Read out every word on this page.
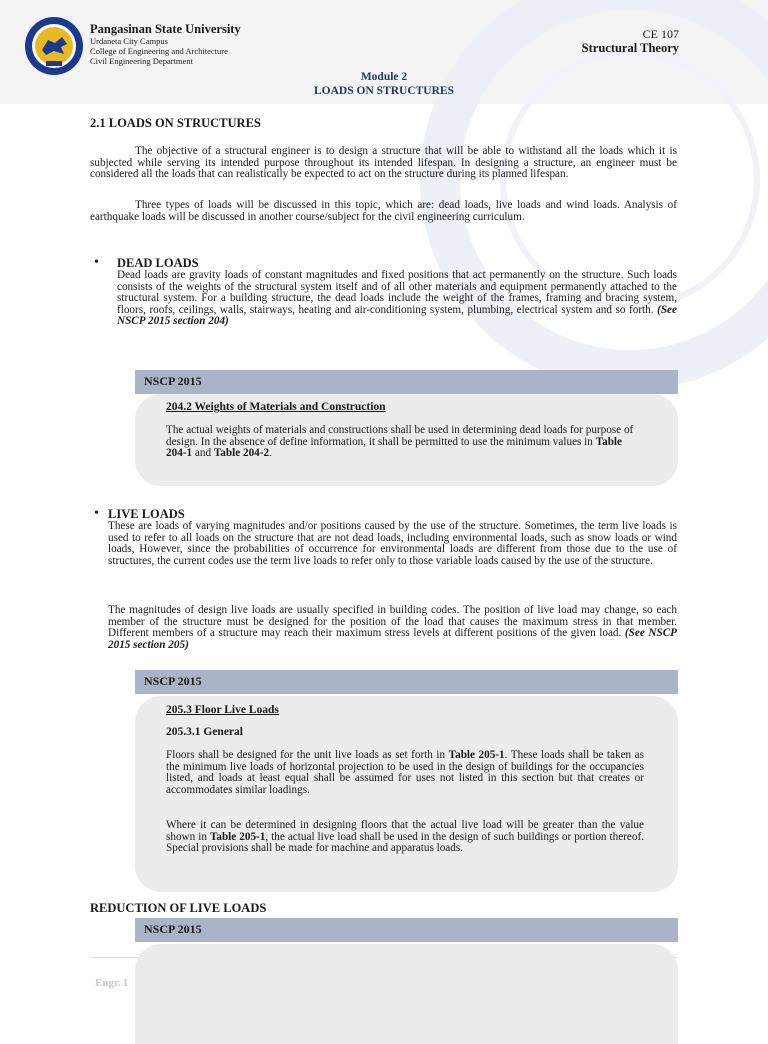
Pangasinan State University
Urdaneta City Campus
College of Engineering and Architecture
Civil Engineering Department
CE 107
Structural Theory
Module 2
LOADS ON STRUCTURES
2.1 LOADS ON STRUCTURES
The objective of a structural engineer is to design a structure that will be able to withstand all the loads which it is subjected while serving its intended purpose throughout its intended lifespan. In designing a structure, an engineer must be considered all the loads that can realistically be expected to act on the structure during its planned lifespan.
Three types of loads will be discussed in this topic, which are: dead loads, live loads and wind loads. Analysis of earthquake loads will be discussed in another course/subject for the civil engineering curriculum.
• DEAD LOADS
Dead loads are gravity loads of constant magnitudes and fixed positions that act permanently on the structure. Such loads consists of the weights of the structural system itself and of all other materials and equipment permanently attached to the structural system. For a building structure, the dead loads include the weight of the frames, framing and bracing system, floors, roofs, ceilings, walls, stairways, heating and air-conditioning system, plumbing, electrical system and so forth. (See NSCP 2015 section 204)
NSCP 2015
204.2 Weights of Materials and Construction
The actual weights of materials and constructions shall be used in determining dead loads for purpose of design. In the absence of define information, it shall be permitted to use the minimum values in Table 204-1 and Table 204-2.
• LIVE LOADS
These are loads of varying magnitudes and/or positions caused by the use of the structure. Sometimes, the term live loads is used to refer to all loads on the structure that are not dead loads, including environmental loads, such as snow loads or wind loads, However, since the probabilities of occurrence for environmental loads are different from those due to the use of structures, the current codes use the term live loads to refer only to those variable loads caused by the use of the structure.
The magnitudes of design live loads are usually specified in building codes. The position of live load may change, so each member of the structure must be designed for the position of the load that causes the maximum stress in that member. Different members of a structure may reach their maximum stress levels at different positions of the given load. (See NSCP 2015 section 205)
NSCP 2015
205.3 Floor Live Loads
205.3.1 General
Floors shall be designed for the unit live loads as set forth in Table 205-1. These loads shall be taken as the minimum live loads of horizontal projection to be used in the design of buildings for the occupancies listed, and loads at least equal shall be assumed for uses not listed in this section but that creates or accommodates similar loadings.
Where it can be determined in designing floors that the actual live load will be greater than the value shown in Table 205-1, the actual live load shall be used in the design of such buildings or portion thereof. Special provisions shall be made for machine and apparatus loads.
REDUCTION OF LIVE LOADS
NSCP 2015
Engr. I
